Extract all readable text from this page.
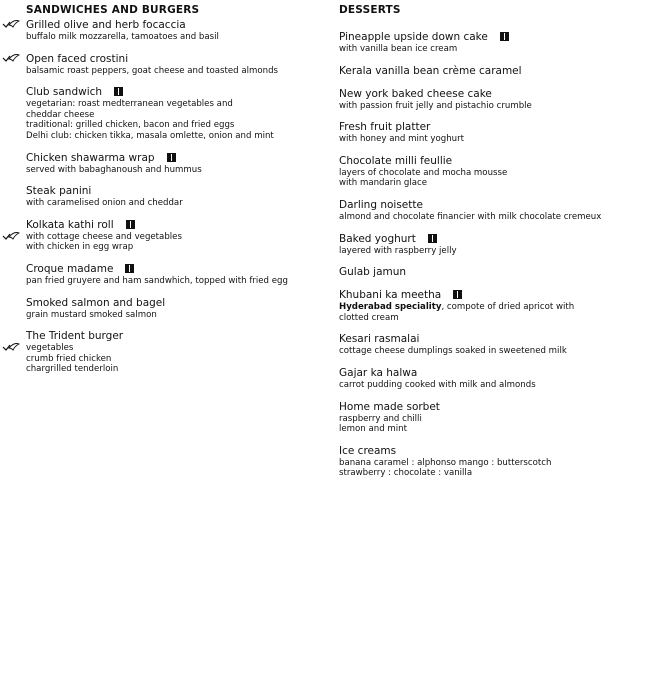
SANDWICHES AND BURGERS
Grilled olive and herb focaccia
buffalo milk mozzarella, tamoatoes and basil
Open faced crostini
balsamic roast peppers, goat cheese and toasted almonds
Club sandwich
vegetarian: roast medterranean vegetables and
cheddar cheese
traditional: grilled chicken, bacon and fried eggs
Delhi club: chicken tikka, masala omlette, onion and mint
Chicken shawarma wrap
served with babaghanoush and hummus
Steak panini
with caramelised onion and cheddar
Kolkata kathi roll
with cottage cheese and vegetables
with chicken in egg wrap
Croque madame
pan fried gruyere and ham sandwhich, topped with fried egg
Smoked salmon and bagel
grain mustard smoked salmon
The Trident burger
vegetables
crumb fried chicken
chargrilled tenderloin
DESSERTS
Pineapple upside down cake
with vanilla bean ice cream
Kerala vanilla bean crème caramel
New york baked cheese cake
with passion fruit jelly and pistachio crumble
Fresh fruit platter
with honey and mint yoghurt
Chocolate milli feullie
layers of chocolate and mocha mousse
with mandarin glace
Darling noisette
almond and chocolate financier with milk chocolate cremeux
Baked yoghurt
layered with raspberry jelly
Gulab jamun
Khubani ka meetha
Hyderabad speciality, compote of dried apricot with
clotted cream
Kesari rasmalai
cottage cheese dumplings soaked in sweetened milk
Gajar ka halwa
carrot pudding cooked with milk and almonds
Home made sorbet
raspberry and chilli
lemon and mint
Ice creams
banana caramel : alphonso mango : butterscotch
strawberry : chocolate : vanilla
